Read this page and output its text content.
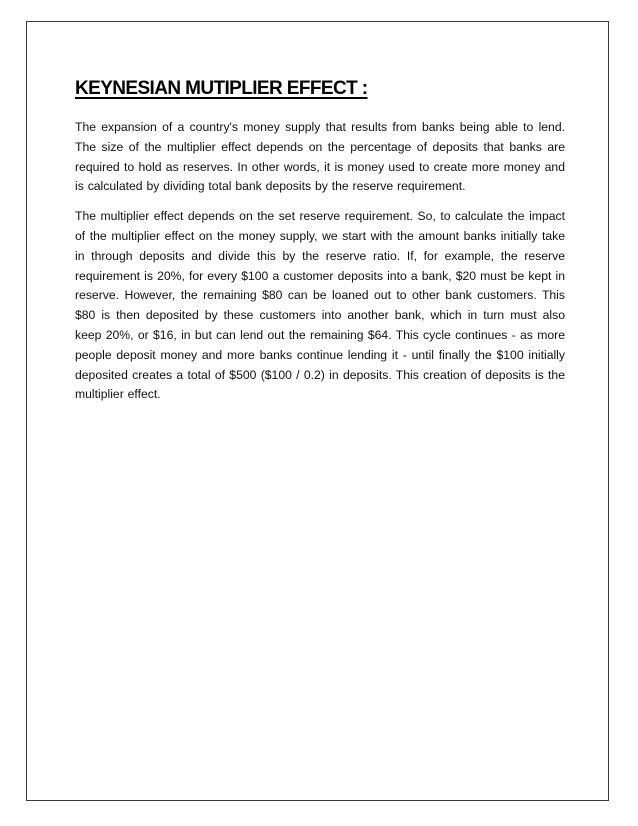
KEYNESIAN MUTIPLIER EFFECT :

The expansion of a country's money supply that results from banks being able to lend. The size of the multiplier effect depends on the percentage of deposits that banks are required to hold as reserves. In other words, it is money used to create more money and is calculated by dividing total bank deposits by the reserve requirement.

The multiplier effect depends on the set reserve requirement. So, to calculate the impact of the multiplier effect on the money supply, we start with the amount banks initially take in through deposits and divide this by the reserve ratio. If, for example, the reserve requirement is 20%, for every $100 a customer deposits into a bank, $20 must be kept in reserve. However, the remaining $80 can be loaned out to other bank customers. This $80 is then deposited by these customers into another bank, which in turn must also keep 20%, or $16, in but can lend out the remaining $64. This cycle continues - as more people deposit money and more banks continue lending it - until finally the $100 initially deposited creates a total of $500 ($100 / 0.2) in deposits. This creation of deposits is the multiplier effect.
